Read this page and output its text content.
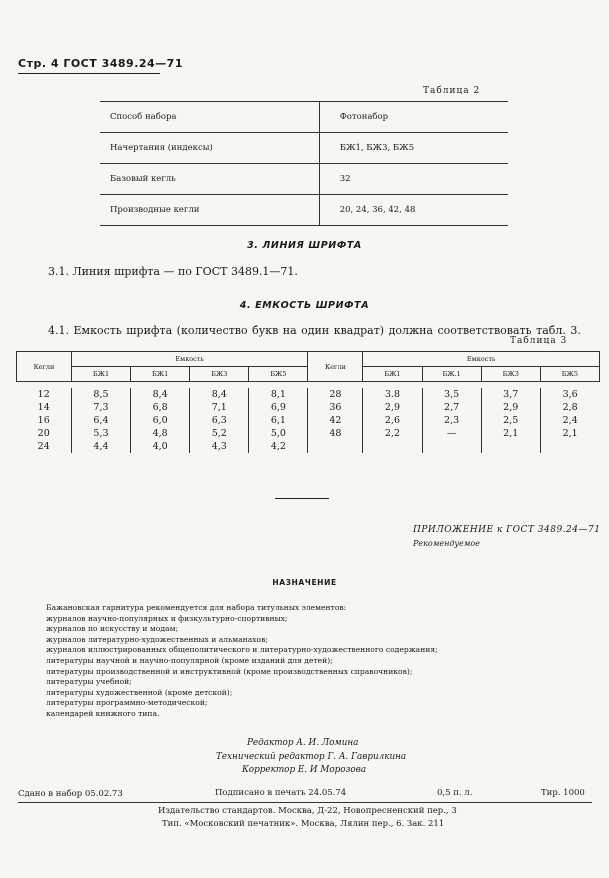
Стр. 4 ГОСТ 3489.24—71
Таблица 2
Способ набора	Фотонабор
Начертания (индексы)	БЖ1, БЖ3, БЖ5
Базовый кегль	32
Производные кегли	20, 24, 36, 42, 48
3. ЛИНИЯ ШРИФТА
3.1. Линия шрифта — по ГОСТ 3489.1—71.
4. ЕМКОСТЬ ШРИФТА
4.1. Емкость шрифта (количество букв на один квадрат) должна соответствовать табл. 3.
Таблица 3
Кегли	Емкость				Кегли	Емкость			
	БЖ1	БЖ1	БЖ3	БЖ5		БЖ1	БЖ.1	БЖ3	БЖ5

12	8,5	8,4	8,4	8,1	28	3.8	3,5	3,7	3,6
14	7,3	6,8	7,1	6,9	36	2,9	2,7	2,9	2,8
16	6,4	6,0	6,3	6,1	42	2,6	2,3	2,5	2,4
20	5,3	4,8	5,2	5,0	48	2,2	—	2,1	2,1
24	4,4	4,0	4,3	4,2					
ПРИЛОЖЕНИЕ к ГОСТ 3489.24—71
Рекомендуемое
НАЗНАЧЕНИЕ
Бажановская гарнитура рекомендуется для набора титульных элементов:
журналов научно-популярных и физкультурно-спортивных;
журналов по искусству и модам;
журналов литературно-художественных и альманахов;
журналов иллюстрированных общеполитического и литературно-художественного содержания;
литературы научной и научно-популярной (кроме изданий для детей);
литературы производственной и инструктивной (кроме производственных справочников);
литературы учебной;
литературы художественной (кроме детской);
литературы программно-методической;
календарей книжного типа.
Редактор А. И. Ломина
Технический редактор Г. А. Гаврилкина
Корректор Е. И Морозова
Сдано в набор 05.02.73	Подписано в печать 24.05.74	0,5 п. л.	Тир. 1000
Издательство стандартов. Москва, Д-22, Новопресненский пер., 3
Тип. «Московский печатник». Москва, Лялин пер., 6. Зак. 211
